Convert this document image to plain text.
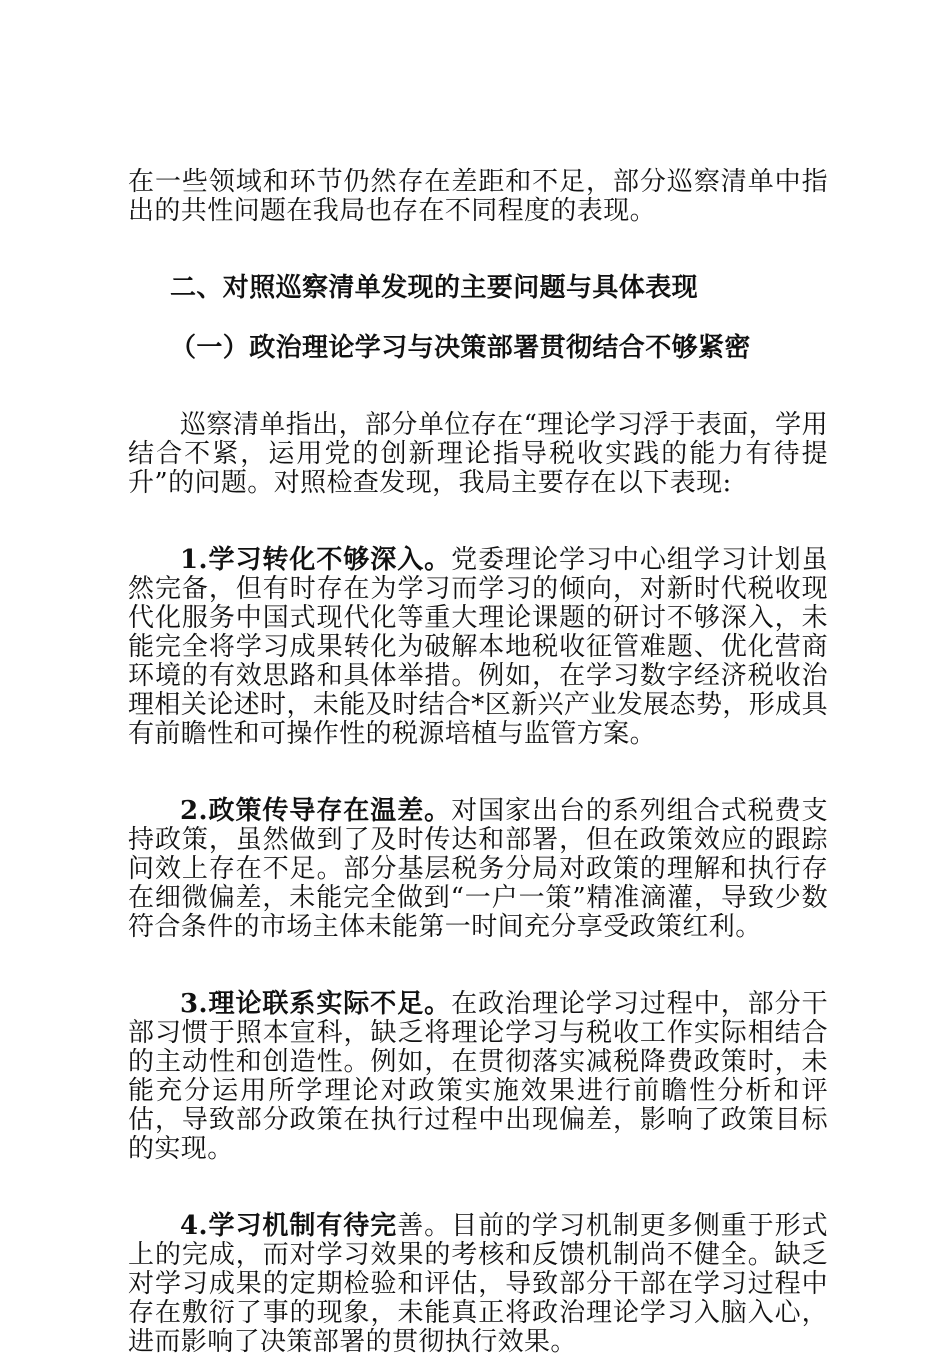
在一些领域和环节仍然存在差距和不足，部分巡察清单中指出的共性问题在我局也存在不同程度的表现。

二、对照巡察清单发现的主要问题与具体表现

（一）政治理论学习与决策部署贯彻结合不够紧密

巡察清单指出，部分单位存在“理论学习浮于表面，学用结合不紧，运用党的创新理论指导税收实践的能力有待提升”的问题。对照检查发现，我局主要存在以下表现:

1.学习转化不够深入。党委理论学习中心组学习计划虽然完备，但有时存在为学习而学习的倾向，对新时代税收现代化服务中国式现代化等重大理论课题的研讨不够深入，未能完全将学习成果转化为破解本地税收征管难题、优化营商环境的有效思路和具体举措。例如，在学习数字经济税收治理相关论述时，未能及时结合*区新兴产业发展态势，形成具有前瞻性和可操作性的税源培植与监管方案。

2.政策传导存在温差。对国家出台的系列组合式税费支持政策，虽然做到了及时传达和部署，但在政策效应的跟踪问效上存在不足。部分基层税务分局对政策的理解和执行存在细微偏差，未能完全做到“一户一策”精准滴灌，导致少数符合条件的市场主体未能第一时间充分享受政策红利。

3.理论联系实际不足。在政治理论学习过程中，部分干部习惯于照本宣科，缺乏将理论学习与税收工作实际相结合的主动性和创造性。例如，在贯彻落实减税降费政策时，未能充分运用所学理论对政策实施效果进行前瞻性分析和评估，导致部分政策在执行过程中出现偏差，影响了政策目标的实现。

4.学习机制有待完善。目前的学习机制更多侧重于形式上的完成，而对学习效果的考核和反馈机制尚不健全。缺乏对学习成果的定期检验和评估，导致部分干部在学习过程中存在敷衍了事的现象，未能真正将政治理论学习入脑入心，进而影响了决策部署的贯彻执行效果。
